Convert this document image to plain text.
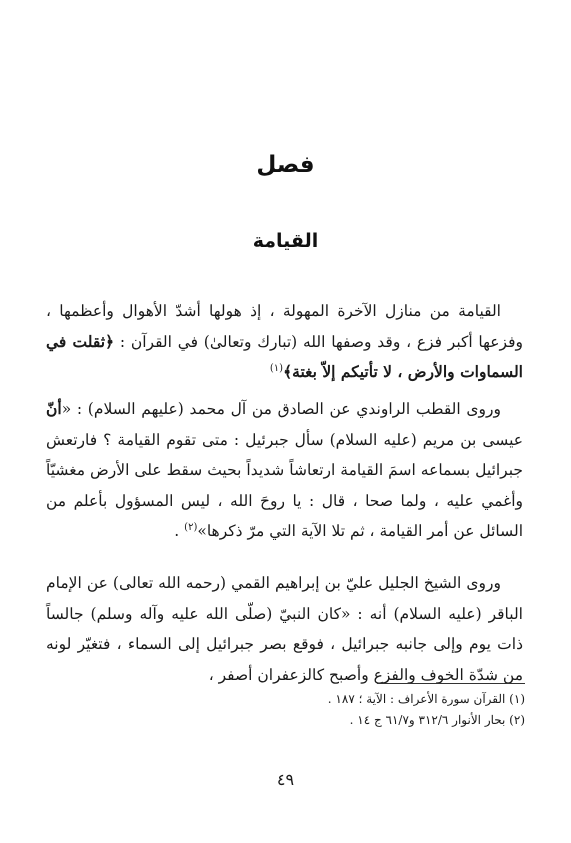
فصل
القيامة

القيامة من منازل الآخرة المهولة ، إذ هولها أشدّ الأهوال وأعظمها ، وفزعها أكبر فزع ، وقد وصفها الله (تبارك وتعالىٰ) في القرآن : ﴿ثقلت في السماوات والأرض ، لا تأتيكم إلاّ بغتة﴾$^{(١)}$

وروى القطب الراوندي عن الصادق من آل محمد (عليهم السلام) : «أنّ عيسى بن مريم (عليه السلام) سأل جبرئيل : متى تقوم القيامة ؟ فارتعش جبرائيل بسماعه اسمَ القيامة ارتعاشاً شديداً بحيث سقط على الأرض مغشيّاً وأغمي عليه ، ولما صحا ، قال : يا روحَ الله ، ليس المسؤول بأعلم من السائل عن أمر القيامة ، ثم تلا الآية التي مرّ ذكرها»$^{(٢)}$ .

وروى الشيخ الجليل عليّ بن إبراهيم القمي (رحمه الله تعالى) عن الإمام الباقر (عليه السلام) أنه : «كان النبيّ (صلّى الله عليه وآله وسلم) جالساً ذات يوم وإلى جانبه جبرائيل ، فوقع بصر جبرائيل إلى السماء ، فتغيّر لونه من شدّة الخوف والفزع وأصبح كالزعفران أصفر ،

(١) القرآن سورة الأعراف : الآية ؛ ١٨٧ .
(٢) بحار الأنوار ٣١٢/٦ و٦١/٧ ج ١٤ .
٤٩
